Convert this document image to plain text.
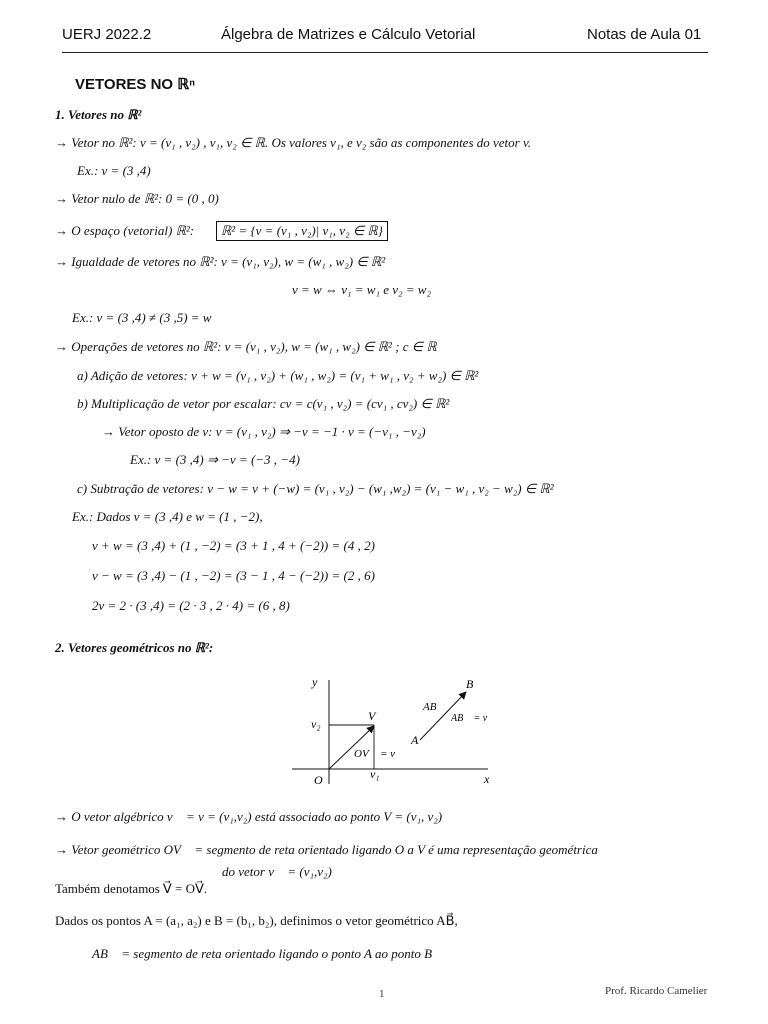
UERJ 2022.2	Álgebra de Matrizes e Cálculo Vetorial	Notas de Aula 01
VETORES NO ℝⁿ
1. Vetores no ℝ²
→ Vetor no ℝ²: v = (v₁ , v₂) , v₁, v₂ ∈ ℝ. Os valores v₁, e v₂ são as componentes do vetor v.
Ex.: v = (3 ,4)
→ Vetor nulo de ℝ²: 0 = (0 , 0)
→ O espaço (vetorial) ℝ²:	ℝ² = {v = (v₁ , v₂)| v₁, v₂ ∈ ℝ}
→ Igualdade de vetores no ℝ²: v = (v₁, v₂), w = (w₁ , w₂) ∈ ℝ²
v = w ⇔ v₁ = w₁ e v₂ = w₂
Ex.: v = (3 ,4) ≠ (3 ,5) = w
→ Operações de vetores no ℝ²: v = (v₁ , v₂), w = (w₁ , w₂) ∈ ℝ² ; c ∈ ℝ
a) Adição de vetores: v + w = (v₁ , v₂) + (w₁ , w₂) = (v₁ + w₁ , v₂ + w₂) ∈ ℝ²
b) Multiplicação de vetor por escalar: cv = c(v₁ , v₂) = (cv₁ , cv₂) ∈ ℝ²
→ Vetor oposto de v: v = (v₁ , v₂) ⇒ −v = −1 · v = (−v₁ , −v₂)
Ex.: v = (3 ,4) ⇒ −v = (−3 , −4)
c) Subtração de vetores: v − w = v + (−w) = (v₁ , v₂) − (w₁ ,w₂) = (v₁ − w₁ , v₂ − w₂) ∈ ℝ²
Ex.: Dados v = (3 ,4) e w = (1 , −2),
v + w = (3 ,4) + (1 , −2) = (3 + 1 , 4 + (−2)) = (4 , 2)
v − w = (3 ,4) − (1 , −2) = (3 − 1 , 4 − (−2)) = (2 , 6)
2v = 2 · (3 ,4) = (2 · 3 , 2 · 4) = (6 , 8)
2. Vetores geométricos no ℝ²:
y
x
O
v₂
v₁
V
OV⃗ = v⃗
AB⃗
AB⃗ = v⃗
A
B
→ O vetor algébrico v⃗ = v = (v₁,v₂) está associado ao ponto V = (v₁, v₂)
→ Vetor geométrico OV⃗ = segmento de reta orientado ligando O a V é uma representação geométrica
do vetor v⃗ = (v₁,v₂)
Também denotamos V⃗ = OV⃗.
Dados os pontos A = (a₁, a₂) e B = (b₁, b₂), definimos o vetor geométrico AB⃗,
AB⃗ = segmento de reta orientado ligando o ponto A ao ponto B
1	Prof. Ricardo Camelier
